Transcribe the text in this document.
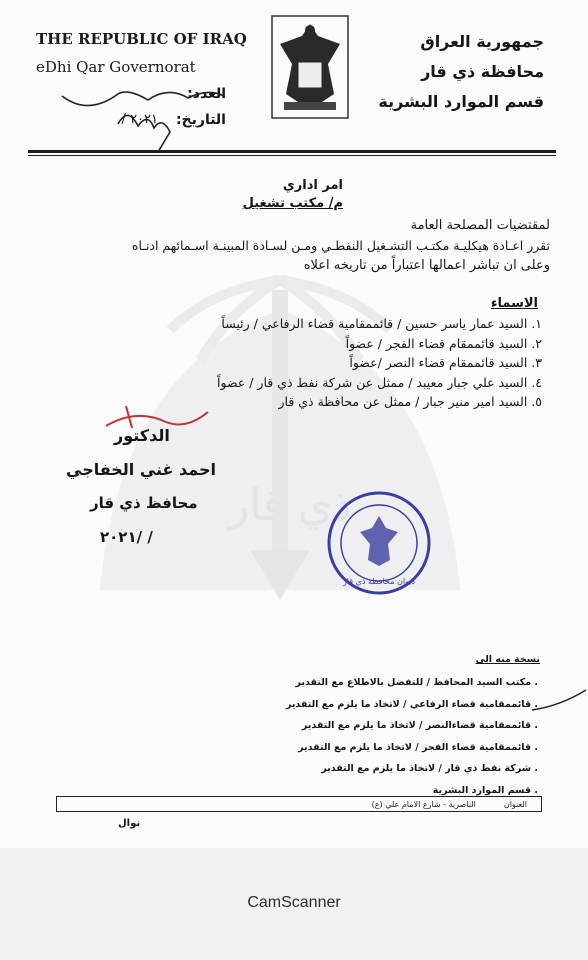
ذي قار
THE REPUBLIC OF IRAQ
eDhi Qar Governorat
العدد:
التاريخ:
/ ٢٠٢١
جمهورية العراق
محافظة ذي قار
قسم الموارد البشرية
امر اداري
م/ مكتب تشغيل
لمقتضيات المصلحة العامة
تقرر اعـادة هيكليـة مكتـب التشـغيل النفطـي ومـن لسـادة المبينـة اسـمائهم ادنـاه
وعلى ان تباشر اعمالها اعتباراً من تاريخه اعلاه
الاسماء
١. السيد عمار ياسر حسين / قائممقامية قضاء الرفاعي / رئيساً
٢. السيد قائممقام قضاء الفجر / عضواً
٣. السيد قائممقام قضاء النصر /عضواً
٤. السيد علي جبار معيبد / ممثل عن شركة نفط ذي قار / عضواً
٥. السيد امير منير جبار / ممثل عن محافظة ذي قار
الدكتور
احمد غني الخفاجي
محافظ ذي قار
٢٠٢١/ /
ديوان محافظة ذي قار
نسخة منه الى
. مكتب السيد المحافظ / للتفضل بالاطلاع مع التقدير
. قائممقامية قضاء الرفاعي / لاتخاذ ما يلزم مع التقدير
. قائممقامية قضاءالنصر / لاتخاذ ما يلزم مع التقدير
. قائممقامية قضاء الفجر / لاتخاذ ما يلزم مع التقدير
. شركة نفط ذي قار / لاتخاذ ما يلزم مع التقدير
. قسم الموارد البشرية
العنوان
الناصرية - شارع الامام علي (ع)
نوال
CamScanner
